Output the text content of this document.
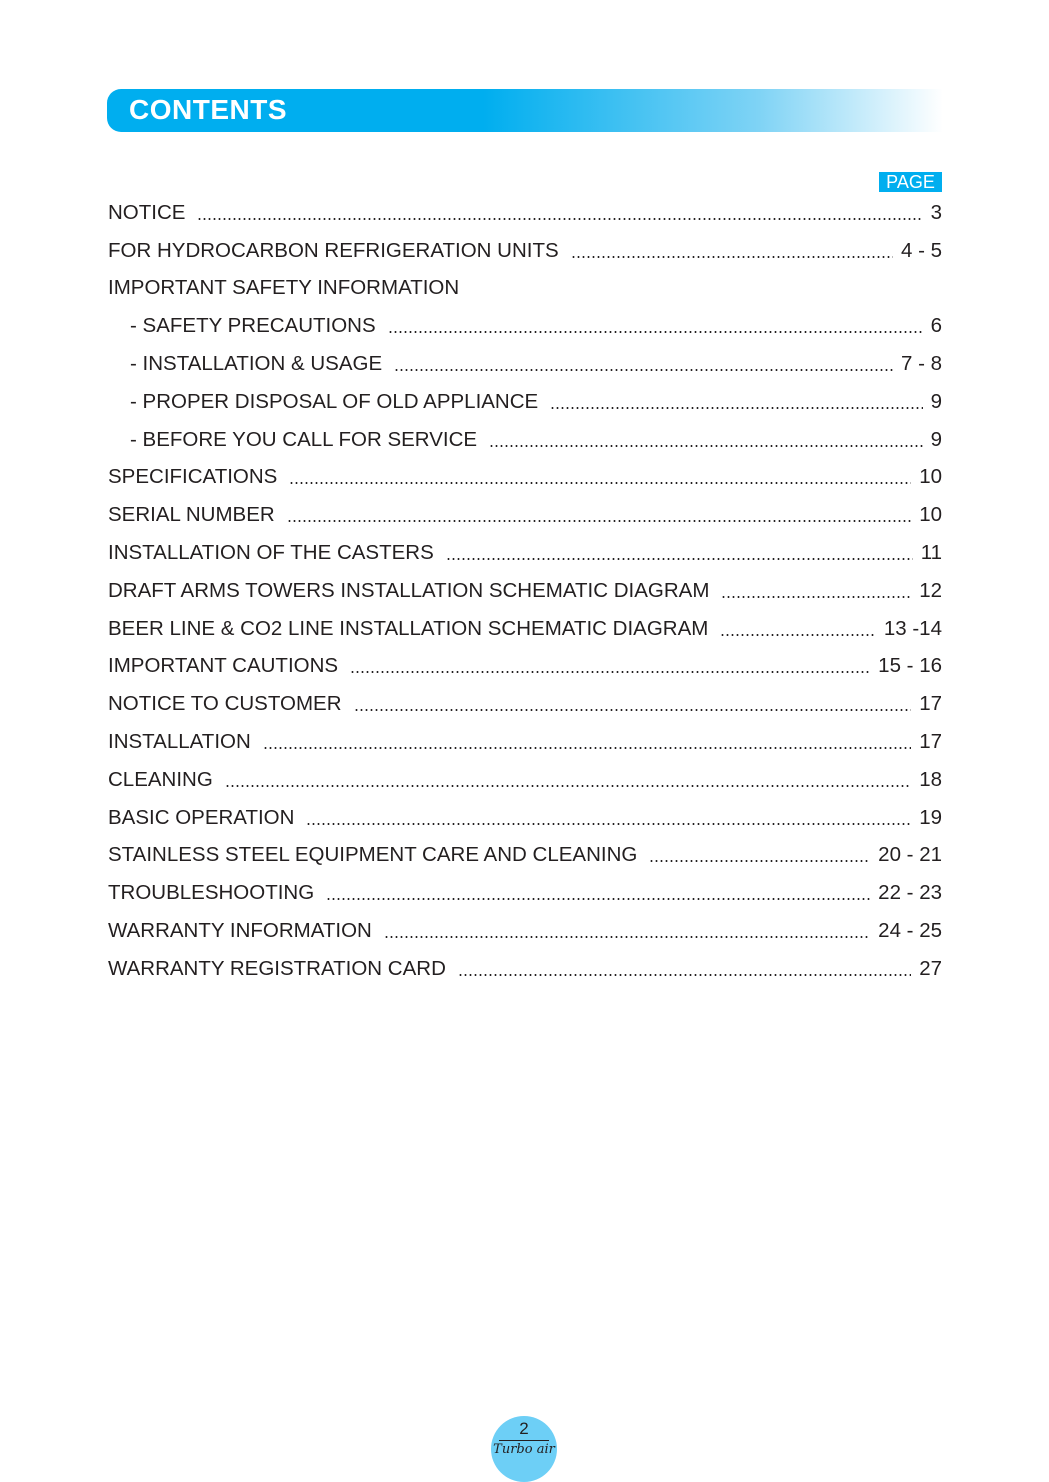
CONTENTS
PAGE
NOTICE	3
FOR HYDROCARBON REFRIGERATION UNITS	4 - 5
IMPORTANT SAFETY INFORMATION
- SAFETY PRECAUTIONS	6
- INSTALLATION & USAGE	7 - 8
- PROPER DISPOSAL OF OLD APPLIANCE	9
- BEFORE YOU CALL FOR SERVICE	9
SPECIFICATIONS	10
SERIAL NUMBER	10
INSTALLATION OF THE CASTERS	11
DRAFT ARMS TOWERS INSTALLATION SCHEMATIC DIAGRAM	12
BEER LINE & CO2 LINE INSTALLATION SCHEMATIC DIAGRAM	13 -14
IMPORTANT CAUTIONS	15 - 16
NOTICE TO CUSTOMER	17
INSTALLATION	17
CLEANING	18
BASIC OPERATION	19
STAINLESS STEEL EQUIPMENT CARE AND CLEANING	20 - 21
TROUBLESHOOTING	22 - 23
WARRANTY INFORMATION	24 - 25
WARRANTY REGISTRATION CARD	27
2
Turbo air
